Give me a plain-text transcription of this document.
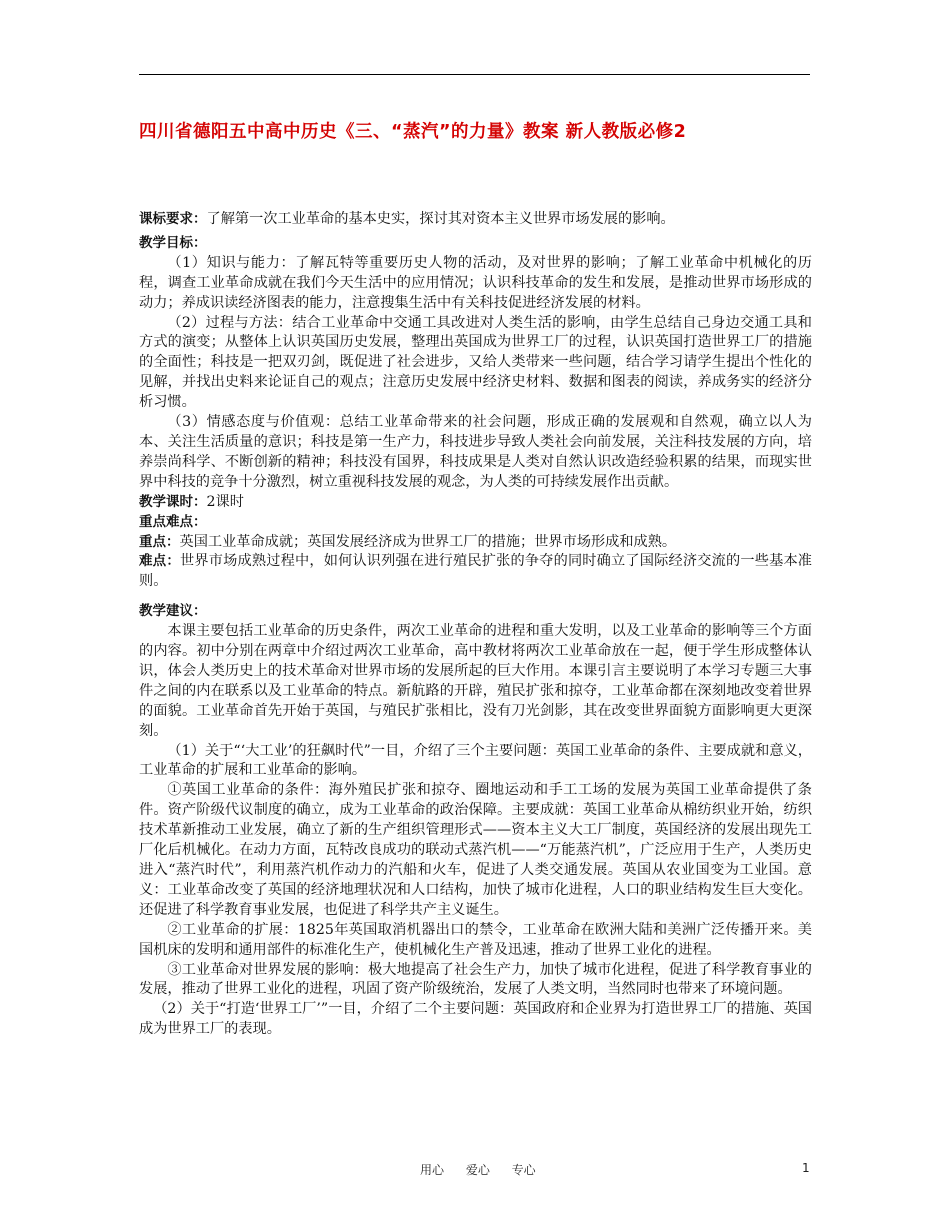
四川省德阳五中高中历史《三、“蒸汽”的力量》教案 新人教版必修2

课标要求：了解第一次工业革命的基本史实，探讨其对资本主义世界市场发展的影响。

教学目标：

（1）知识与能力：了解瓦特等重要历史人物的活动，及对世界的影响；了解工业革命中机械化的历程，调查工业革命成就在我们今天生活中的应用情况；认识科技革命的发生和发展，是推动世界市场形成的动力；养成识读经济图表的能力，注意搜集生活中有关科技促进经济发展的材料。

（2）过程与方法：结合工业革命中交通工具改进对人类生活的影响，由学生总结自己身边交通工具和方式的演变；从整体上认识英国历史发展，整理出英国成为世界工厂的过程，认识英国打造世界工厂的措施的全面性；科技是一把双刃剑，既促进了社会进步，又给人类带来一些问题，结合学习请学生提出个性化的见解，并找出史料来论证自己的观点；注意历史发展中经济史材料、数据和图表的阅读，养成务实的经济分析习惯。

（3）情感态度与价值观：总结工业革命带来的社会问题，形成正确的发展观和自然观，确立以人为本、关注生活质量的意识；科技是第一生产力，科技进步导致人类社会向前发展，关注科技发展的方向，培养崇尚科学、不断创新的精神；科技没有国界，科技成果是人类对自然认识改造经验积累的结果，而现实世界中科技的竞争十分激烈，树立重视科技发展的观念，为人类的可持续发展作出贡献。

教学课时：2课时

重点难点：

重点：英国工业革命成就；英国发展经济成为世界工厂的措施；世界市场形成和成熟。

难点：世界市场成熟过程中，如何认识列强在进行殖民扩张的争夺的同时确立了国际经济交流的一些基本准则。

教学建议：

本课主要包括工业革命的历史条件，两次工业革命的进程和重大发明，以及工业革命的影响等三个方面的内容。初中分别在两章中介绍过两次工业革命，高中教材将两次工业革命放在一起，便于学生形成整体认识，体会人类历史上的技术革命对世界市场的发展所起的巨大作用。本课引言主要说明了本学习专题三大事件之间的内在联系以及工业革命的特点。新航路的开辟，殖民扩张和掠夺，工业革命都在深刻地改变着世界的面貌。工业革命首先开始于英国，与殖民扩张相比，没有刀光剑影，其在改变世界面貌方面影响更大更深刻。

（1）关于“‘大工业’的狂飙时代”一目，介绍了三个主要问题：英国工业革命的条件、主要成就和意义，工业革命的扩展和工业革命的影响。

①英国工业革命的条件：海外殖民扩张和掠夺、圈地运动和手工工场的发展为英国工业革命提供了条件。资产阶级代议制度的确立，成为工业革命的政治保障。主要成就：英国工业革命从棉纺织业开始，纺织技术革新推动工业发展，确立了新的生产组织管理形式——资本主义大工厂制度，英国经济的发展出现先工厂化后机械化。在动力方面，瓦特改良成功的联动式蒸汽机——“万能蒸汽机”，广泛应用于生产，人类历史进入“蒸汽时代”，利用蒸汽机作动力的汽船和火车，促进了人类交通发展。英国从农业国变为工业国。意义：工业革命改变了英国的经济地理状况和人口结构，加快了城市化进程，人口的职业结构发生巨大变化。还促进了科学教育事业发展，也促进了科学共产主义诞生。

②工业革命的扩展：1825年英国取消机器出口的禁令，工业革命在欧洲大陆和美洲广泛传播开来。美国机床的发明和通用部件的标准化生产，使机械化生产普及迅速，推动了世界工业化的进程。

③工业革命对世界发展的影响：极大地提高了社会生产力，加快了城市化进程，促进了科学教育事业的发展，推动了世界工业化的进程，巩固了资产阶级统治，发展了人类文明，当然同时也带来了环境问题。

（2）关于“打造‘世界工厂’”一目，介绍了二个主要问题：英国政府和企业界为打造世界工厂的措施、英国成为世界工厂的表现。

用心 爱心 专心	1
